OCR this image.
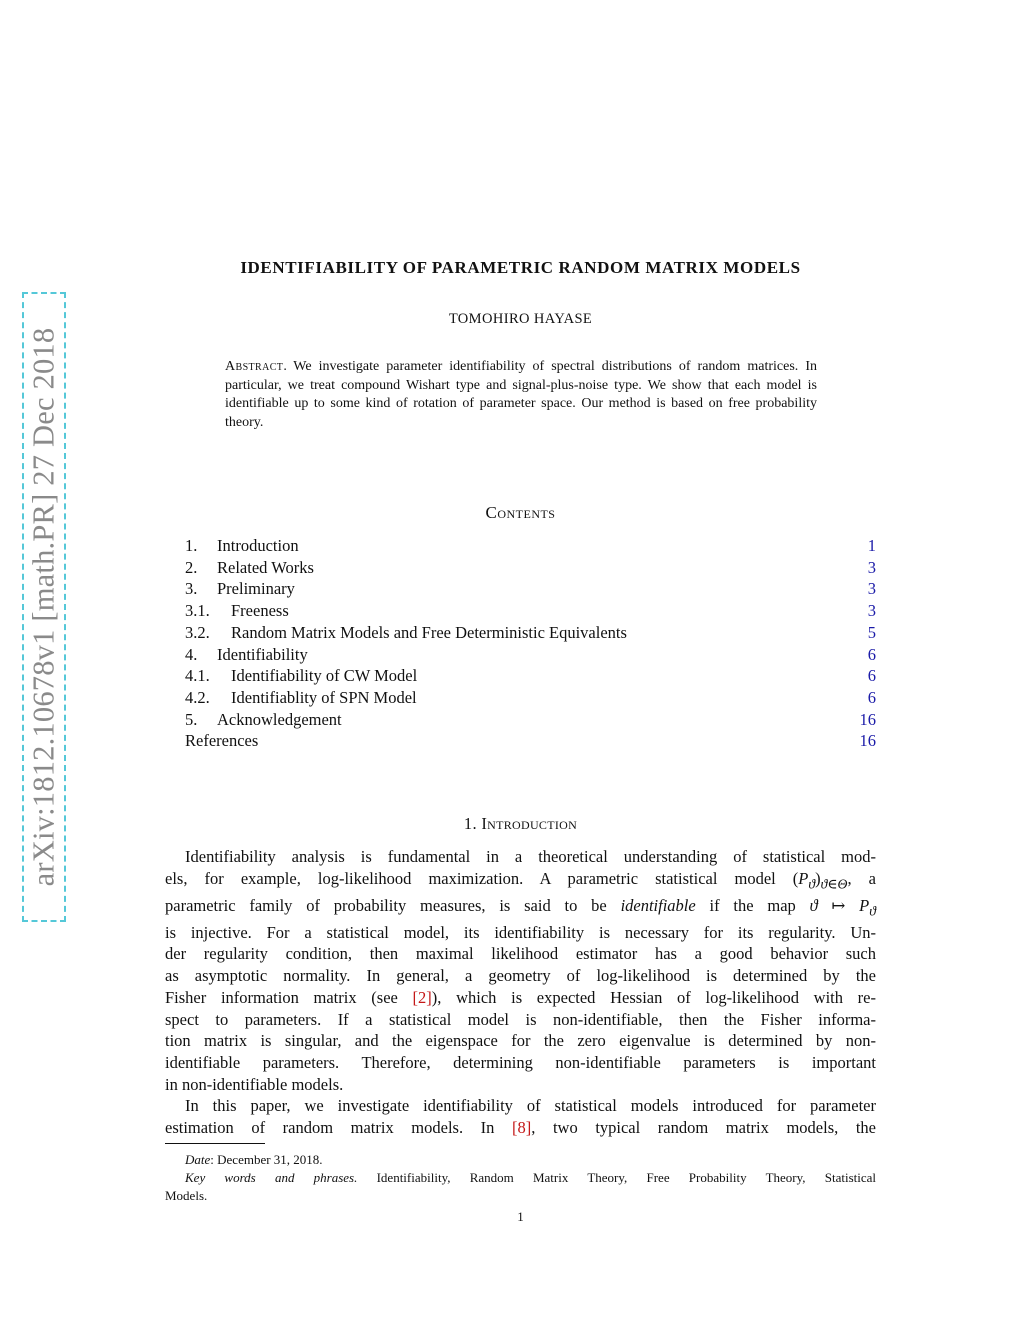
arXiv:1812.10678v1 [math.PR] 27 Dec 2018
IDENTIFIABILITY OF PARAMETRIC RANDOM MATRIX MODELS
TOMOHIRO HAYASE
Abstract. We investigate parameter identifiability of spectral distributions of random matrices. In particular, we treat compound Wishart type and signal-plus-noise type. We show that each model is identifiable up to some kind of rotation of parameter space. Our method is based on free probability theory.
Contents
1. Introduction	1
2. Related Works	3
3. Preliminary	3
3.1. Freeness	3
3.2. Random Matrix Models and Free Deterministic Equivalents	5
4. Identifiability	6
4.1. Identifiability of CW Model	6
4.2. Identifiablity of SPN Model	6
5. Acknowledgement	16
References	16
1. Introduction
Identifiability analysis is fundamental in a theoretical understanding of statistical mod-
els, for example, log-likelihood maximization. A parametric statistical model $(P_ϑ)_{ϑ\in\Theta}$, a
parametric family of probability measures, is said to be identifiable if the map ϑ ↦ $P_ϑ$
is injective. For a statistical model, its identifiability is necessary for its regularity. Un-
der regularity condition, then maximal likelihood estimator has a good behavior such
as asymptotic normality. In general, a geometry of log-likelihood is determined by the
Fisher information matrix (see [2]), which is expected Hessian of log-likelihood with re-
spect to parameters. If a statistical model is non-identifiable, then the Fisher informa-
tion matrix is singular, and the eigenspace for the zero eigenvalue is determined by non-
identifiable parameters. Therefore, determining non-identifiable parameters is important
in non-identifiable models.
In this paper, we investigate identifiability of statistical models introduced for parameter
estimation of random matrix models. In [8], two typical random matrix models, the
Date: December 31, 2018.
Key words and phrases. Identifiability, Random Matrix Theory, Free Probability Theory, Statistical
Models.
1
